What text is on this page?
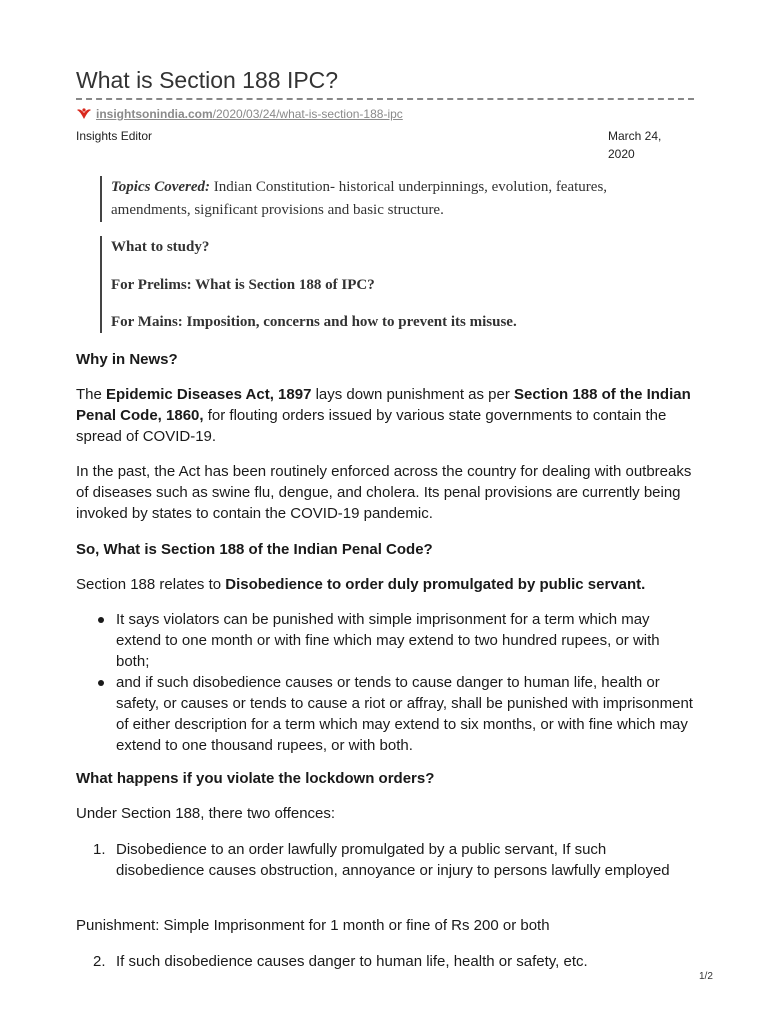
What is Section 188 IPC?
insightsonindia.com /2020/03/24/what-is-section-188-ipc
Insights Editor	March 24, 2020
Topics Covered: Indian Constitution- historical underpinnings, evolution, features, amendments, significant provisions and basic structure.

What to study?

For Prelims: What is Section 188 of IPC?

For Mains: Imposition, concerns and how to prevent its misuse.

Why in News?
The Epidemic Diseases Act, 1897 lays down punishment as per Section 188 of the Indian Penal Code, 1860, for flouting orders issued by various state governments to contain the spread of COVID-19.
In the past, the Act has been routinely enforced across the country for dealing with outbreaks of diseases such as swine flu, dengue, and cholera. Its penal provisions are currently being invoked by states to contain the COVID-19 pandemic.
So, What is Section 188 of the Indian Penal Code?
Section 188 relates to Disobedience to order duly promulgated by public servant.
It says violators can be punished with simple imprisonment for a term which may extend to one month or with fine which may extend to two hundred rupees, or with both;
and if such disobedience causes or tends to cause danger to human life, health or safety, or causes or tends to cause a riot or affray, shall be punished with imprisonment of either description for a term which may extend to six months, or with fine which may extend to one thousand rupees, or with both.
What happens if you violate the lockdown orders?
Under Section 188, there two offences:
1. Disobedience to an order lawfully promulgated by a public servant, If such disobedience causes obstruction, annoyance or injury to persons lawfully employed
Punishment: Simple Imprisonment for 1 month or fine of Rs 200 or both
2. If such disobedience causes danger to human life, health or safety, etc.
1/2
